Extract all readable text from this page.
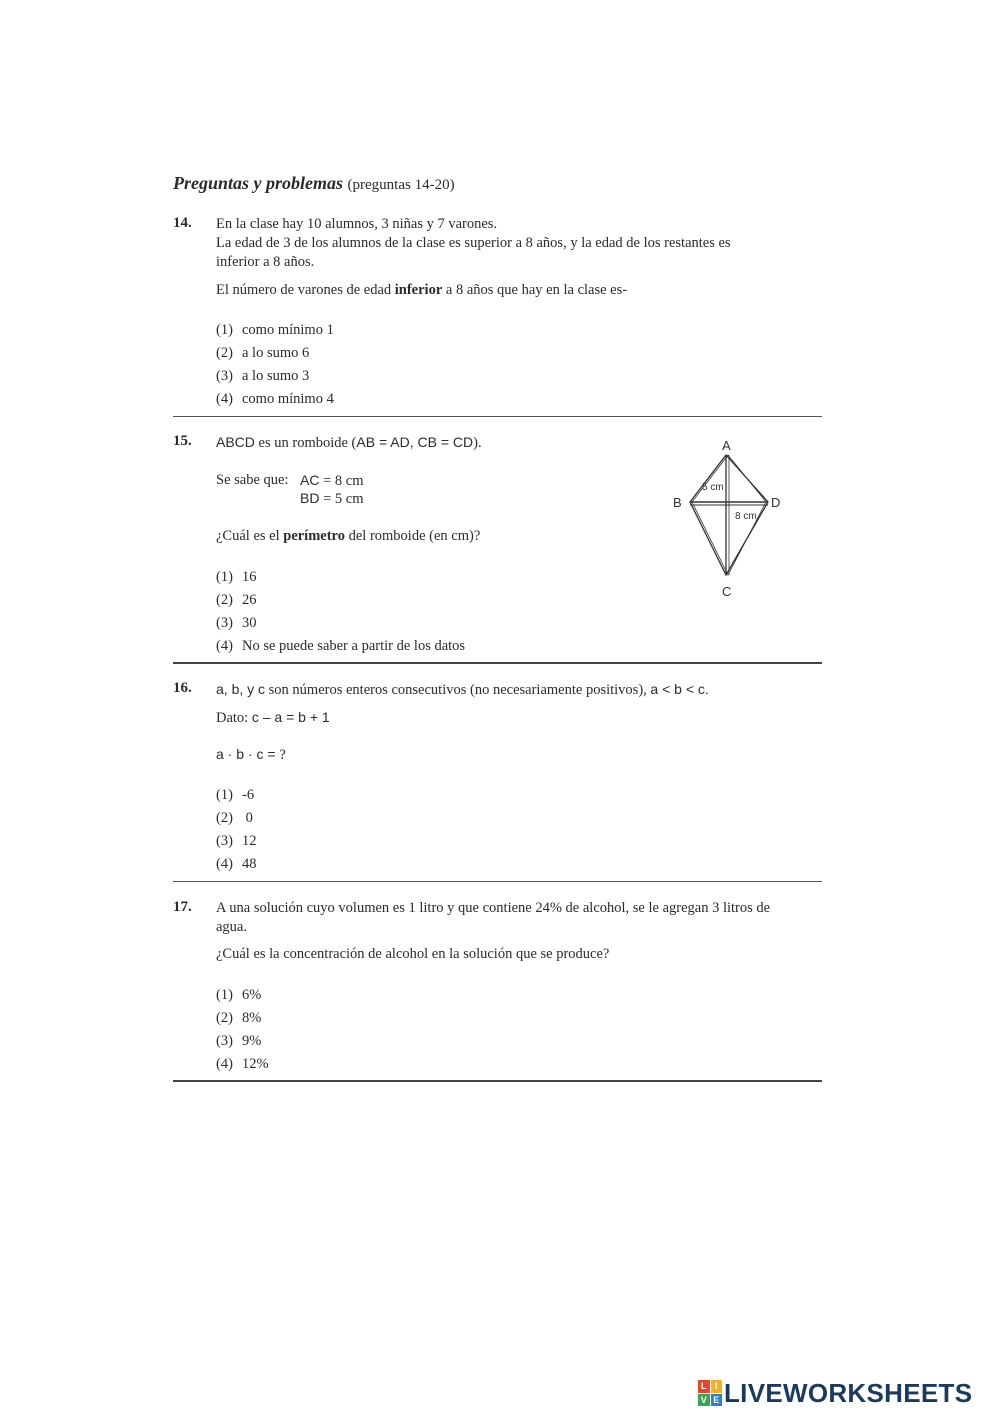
Preguntas y problemas (preguntas 14-20)
14. En la clase hay 10 alumnos, 3 niñas y 7 varones.
La edad de 3 de los alumnos de la clase es superior a 8 años, y la edad de los restantes es
inferior a 8 años.
El número de varones de edad inferior a 8 años que hay en la clase es-
(1) como mínimo 1
(2) a lo sumo 6
(3) a lo sumo 3
(4) como mínimo 4
15. ABCD es un romboide (AB = AD, CB = CD).
Se sabe que: AC = 8 cm
BD = 5 cm
¿Cuál es el perímetro del romboide (en cm)?
(1) 16
(2) 26
(3) 30
(4) No se puede saber a partir de los datos
A
B
C
D
5 cm
8 cm
16. a, b, y c son números enteros consecutivos (no necesariamente positivos), a < b < c.
Dato: c – a = b + 1
a · b · c = ?
(1) -6
(2) 0
(3) 12
(4) 48
17. A una solución cuyo volumen es 1 litro y que contiene 24% de alcohol, se le agregan 3 litros de
agua.
¿Cuál es la concentración de alcohol en la solución que se produce?
(1) 6%
(2) 8%
(3) 9%
(4) 12%
L I
V E LIVEWORKSHEETS
